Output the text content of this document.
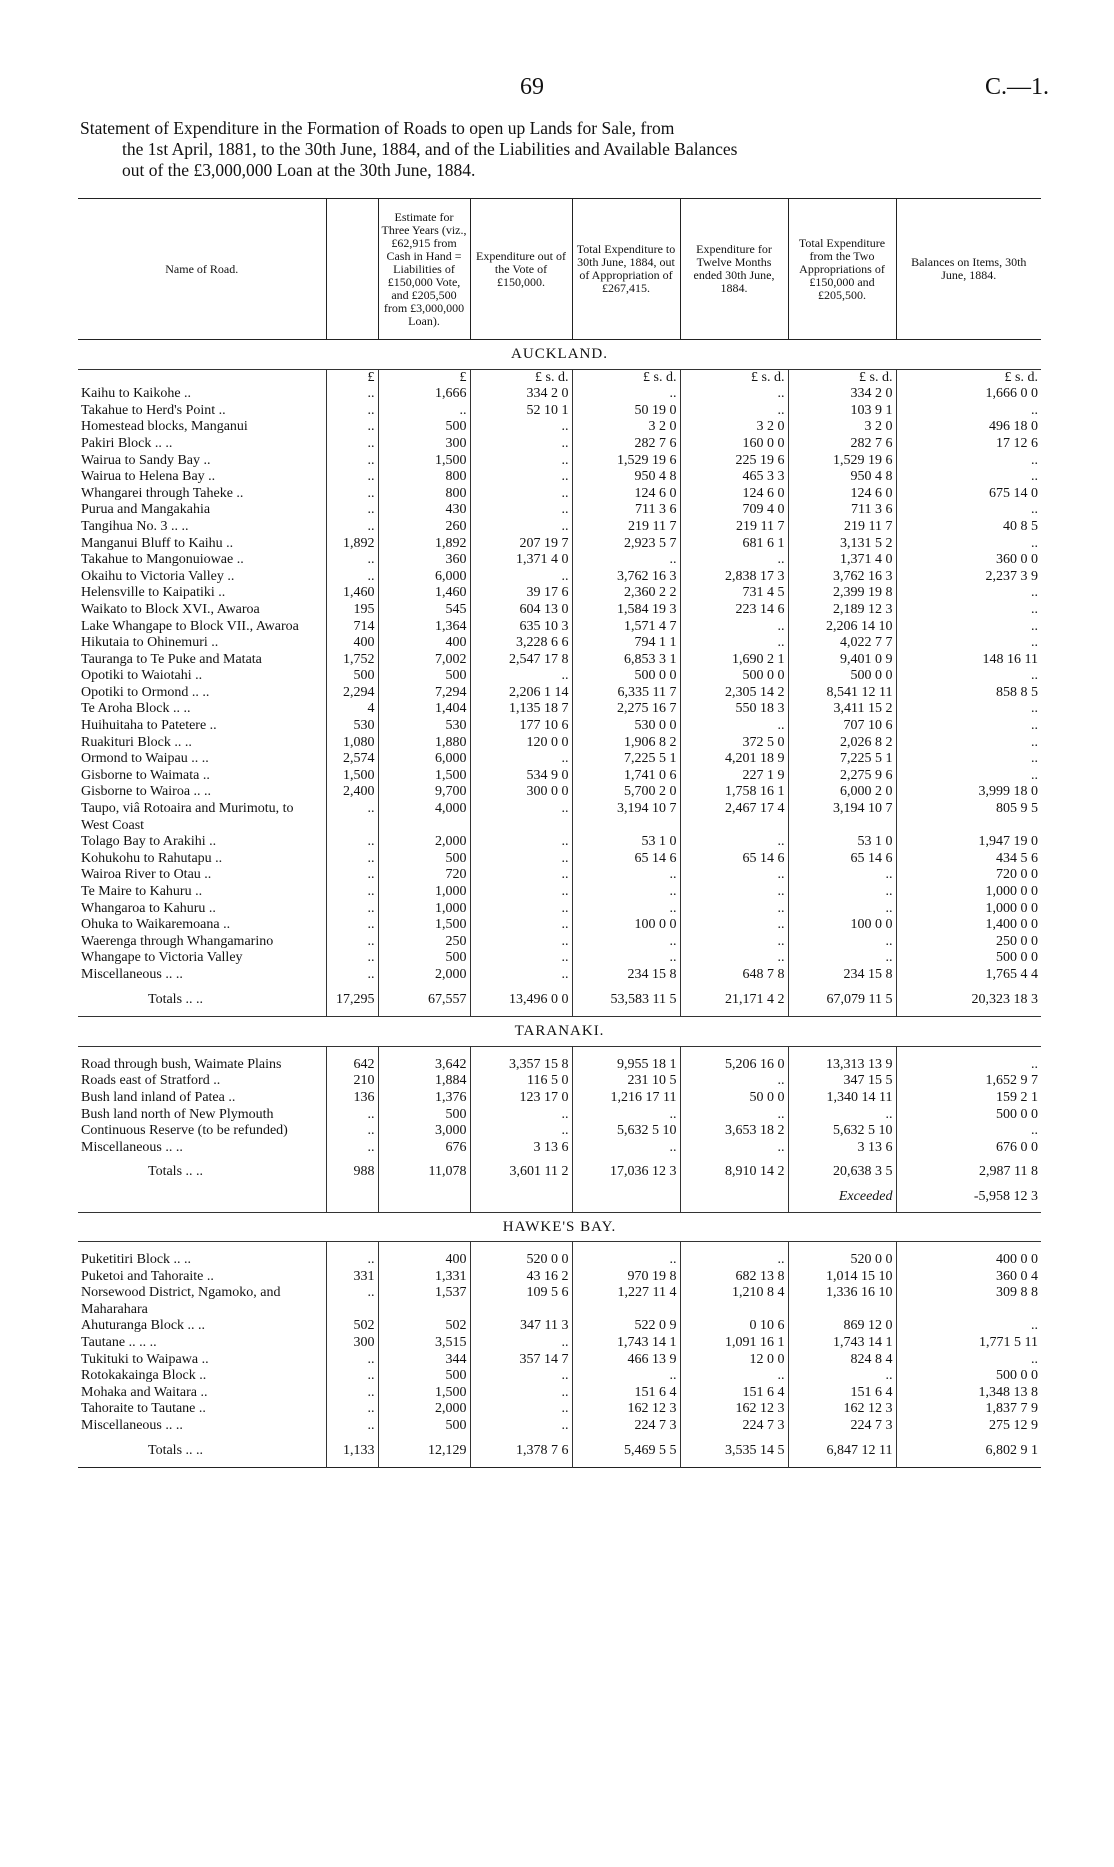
69	C.—1.
Statement of Expenditure in the Formation of Roads to open up Lands for Sale, from
the 1st April, 1881, to the 30th June, 1884, and of the Liabilities and Available Balances
out of the £3,000,000 Loan at the 30th June, 1884.
Name of Road.		Estimate for Three Years (viz., £62,915 from Cash in Hand = Liabilities of £150,000 Vote, and £205,500 from £3,000,000 Loan).	Expenditure out of the Vote of £150,000.	Total Expenditure to 30th June, 1884, out of Appropriation of £267,415.	Expenditure for Twelve Months ended 30th June, 1884.	Total Expenditure from the Two Appropriations of £150,000 and £205,500.	Balances on Items, 30th June, 1884.
AUCKLAND.							
	£	£	£ s. d.	£ s. d.	£ s. d.	£ s. d.	£ s. d.
Kaihu to Kaikohe ..	..	1,666	334 2 0	..	..	334 2 0	1,666 0 0
Takahue to Herd's Point ..	..	..	52 10 1	50 19 0	..	103 9 1	..
Homestead blocks, Manganui	..	500	..	3 2 0	3 2 0	3 2 0	496 18 0
Pakiri Block .. ..	..	300	..	282 7 6	160 0 0	282 7 6	17 12 6
Wairua to Sandy Bay ..	..	1,500	..	1,529 19 6	225 19 6	1,529 19 6	..
Wairua to Helena Bay ..	..	800	..	950 4 8	465 3 3	950 4 8	..
Whangarei through Taheke ..	..	800	..	124 6 0	124 6 0	124 6 0	675 14 0
Purua and Mangakahia	..	430	..	711 3 6	709 4 0	711 3 6	..
Tangihua No. 3 .. ..	..	260	..	219 11 7	219 11 7	219 11 7	40 8 5
Manganui Bluff to Kaihu ..	1,892	1,892	207 19 7	2,923 5 7	681 6 1	3,131 5 2	..
Takahue to Mangonuiowae ..	..	360	1,371 4 0	..	..	1,371 4 0	360 0 0
Okaihu to Victoria Valley ..	..	6,000	..	3,762 16 3	2,838 17 3	3,762 16 3	2,237 3 9
Helensville to Kaipatiki ..	1,460	1,460	39 17 6	2,360 2 2	731 4 5	2,399 19 8	..
Waikato to Block XVI., Awaroa	195	545	604 13 0	1,584 19 3	223 14 6	2,189 12 3	..
Lake Whangape to Block VII., Awaroa	714	1,364	635 10 3	1,571 4 7	..	2,206 14 10	..
Hikutaia to Ohinemuri ..	400	400	3,228 6 6	794 1 1	..	4,022 7 7	..
Tauranga to Te Puke and Matata	1,752	7,002	2,547 17 8	6,853 3 1	1,690 2 1	9,401 0 9	148 16 11
Opotiki to Waiotahi ..	500	500	..	500 0 0	500 0 0	500 0 0	..
Opotiki to Ormond .. ..	2,294	7,294	2,206 1 14	6,335 11 7	2,305 14 2	8,541 12 11	858 8 5
Te Aroha Block .. ..	4	1,404	1,135 18 7	2,275 16 7	550 18 3	3,411 15 2	..
Huihuitaha to Patetere ..	530	530	177 10 6	530 0 0	..	707 10 6	..
Ruakituri Block .. ..	1,080	1,880	120 0 0	1,906 8 2	372 5 0	2,026 8 2	..
Ormond to Waipau .. ..	2,574	6,000	..	7,225 5 1	4,201 18 9	7,225 5 1	..
Gisborne to Waimata ..	1,500	1,500	534 9 0	1,741 0 6	227 1 9	2,275 9 6	..
Gisborne to Wairoa .. ..	2,400	9,700	300 0 0	5,700 2 0	1,758 16 1	6,000 2 0	3,999 18 0
Taupo, viâ Rotoaira and Murimotu, to West Coast	..	4,000	..	3,194 10 7	2,467 17 4	3,194 10 7	805 9 5
Tolago Bay to Arakihi ..	..	2,000	..	53 1 0	..	53 1 0	1,947 19 0
Kohukohu to Rahutapu ..	..	500	..	65 14 6	65 14 6	65 14 6	434 5 6
Wairoa River to Otau ..	..	720	..	..	..	..	720 0 0
Te Maire to Kahuru ..	..	1,000	..	..	..	..	1,000 0 0
Whangaroa to Kahuru ..	..	1,000	..	..	..	..	1,000 0 0
Ohuka to Waikaremoana ..	..	1,500	..	100 0 0	..	100 0 0	1,400 0 0
Waerenga through Whangamarino	..	250	..	..	..	..	250 0 0
Whangape to Victoria Valley	..	500	..	..	..	..	500 0 0
Miscellaneous .. ..	..	2,000	..	234 15 8	648 7 8	234 15 8	1,765 4 4
Totals .. ..	17,295	67,557	13,496 0 0	53,583 11 5	21,171 4 2	67,079 11 5	20,323 18 3
TARANAKI.							

Road through bush, Waimate Plains	642	3,642	3,357 15 8	9,955 18 1	5,206 16 0	13,313 13 9	..
Roads east of Stratford ..	210	1,884	116 5 0	231 10 5	..	347 15 5	1,652 9 7
Bush land inland of Patea ..	136	1,376	123 17 0	1,216 17 11	50 0 0	1,340 14 11	159 2 1
Bush land north of New Plymouth	..	500	..	..	..	..	500 0 0
Continuous Reserve (to be refunded)	..	3,000	..	5,632 5 10	3,653 18 2	5,632 5 10	..
Miscellaneous .. ..	..	676	3 13 6	..	..	3 13 6	676 0 0
Totals .. ..	988	11,078	3,601 11 2	17,036 12 3	8,910 14 2	20,638 3 5	2,987 11 8
						Exceeded	-5,958 12 3
HAWKE'S BAY.							

Puketitiri Block .. ..	..	400	520 0 0	..	..	520 0 0	400 0 0
Puketoi and Tahoraite ..	331	1,331	43 16 2	970 19 8	682 13 8	1,014 15 10	360 0 4
Norsewood District, Ngamoko, and Maharahara	..	1,537	109 5 6	1,227 11 4	1,210 8 4	1,336 16 10	309 8 8
Ahuturanga Block .. ..	502	502	347 11 3	522 0 9	0 10 6	869 12 0	..
Tautane .. .. ..	300	3,515	..	1,743 14 1	1,091 16 1	1,743 14 1	1,771 5 11
Tukituki to Waipawa ..	..	344	357 14 7	466 13 9	12 0 0	824 8 4	..
Rotokakainga Block ..	..	500	..	..	..	..	500 0 0
Mohaka and Waitara ..	..	1,500	..	151 6 4	151 6 4	151 6 4	1,348 13 8
Tahoraite to Tautane ..	..	2,000	..	162 12 3	162 12 3	162 12 3	1,837 7 9
Miscellaneous .. ..	..	500	..	224 7 3	224 7 3	224 7 3	275 12 9
Totals .. ..	1,133	12,129	1,378 7 6	5,469 5 5	3,535 14 5	6,847 12 11	6,802 9 1
